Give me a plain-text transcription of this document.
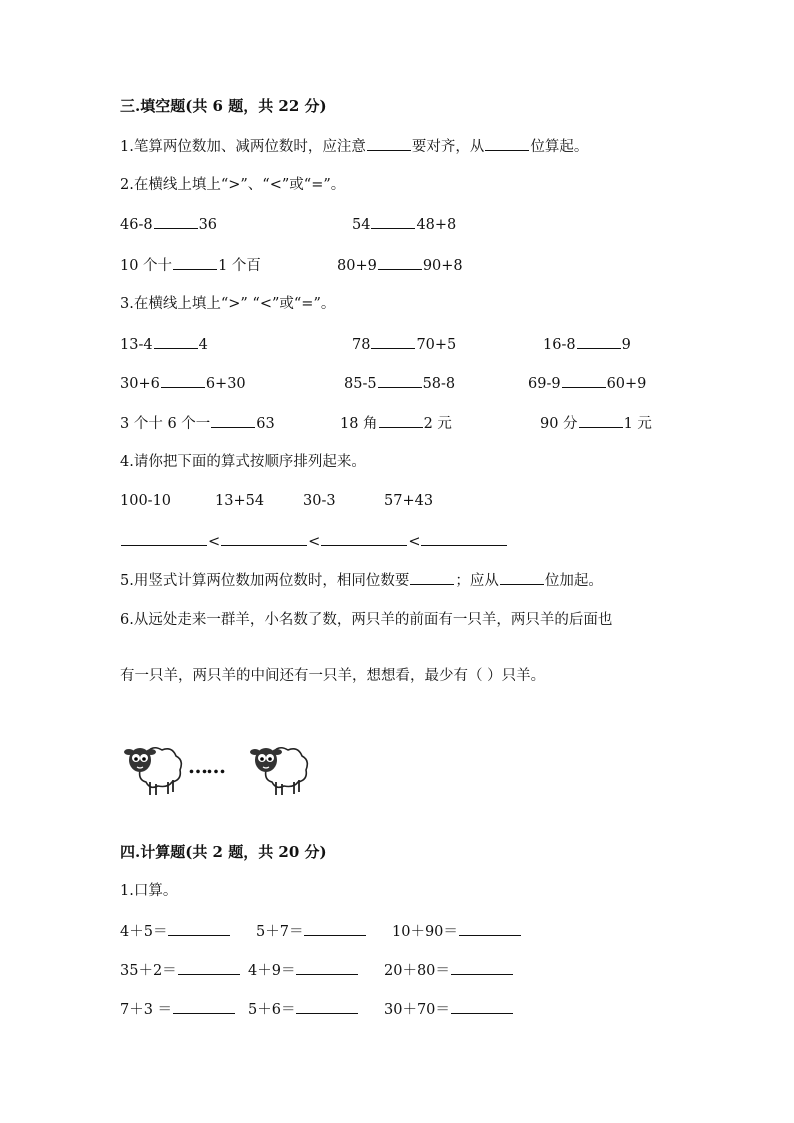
三.填空题(共 6 题，共 22 分)
1.笔算两位数加、减两位数时，应注意	要对齐，从	位算起。
2.在横线上填上“>”、“<”或“=”。
46-8	36	54	48+8
10 个十	1 个百	80+9	90+8
3.在横线上填上“>” “<”或“=”。
13-4	4	78	70+5	16-8	9
30+6	6+30	85-5	58-8	69-9	60+9
3 个十 6 个一	63	18 角	2 元	90 分	1 元
4.请你把下面的算式按顺序排列起来。
100-10	13+54	30-3	57+43
<	<	<
5.用竖式计算两位数加两位数时，相同位数要	；应从	位加起。
6.从远处走来一群羊，小名数了数，两只羊的前面有一只羊，两只羊的后面也
有一只羊，两只羊的中间还有一只羊，想想看，最少有（ ）只羊。
……
四.计算题(共 2 题，共 20 分)
1.口算。
4＋5＝	5＋7＝	10＋90＝
35＋2＝	4＋9＝	20＋80＝
7＋3 ＝	5＋6＝	30＋70＝
